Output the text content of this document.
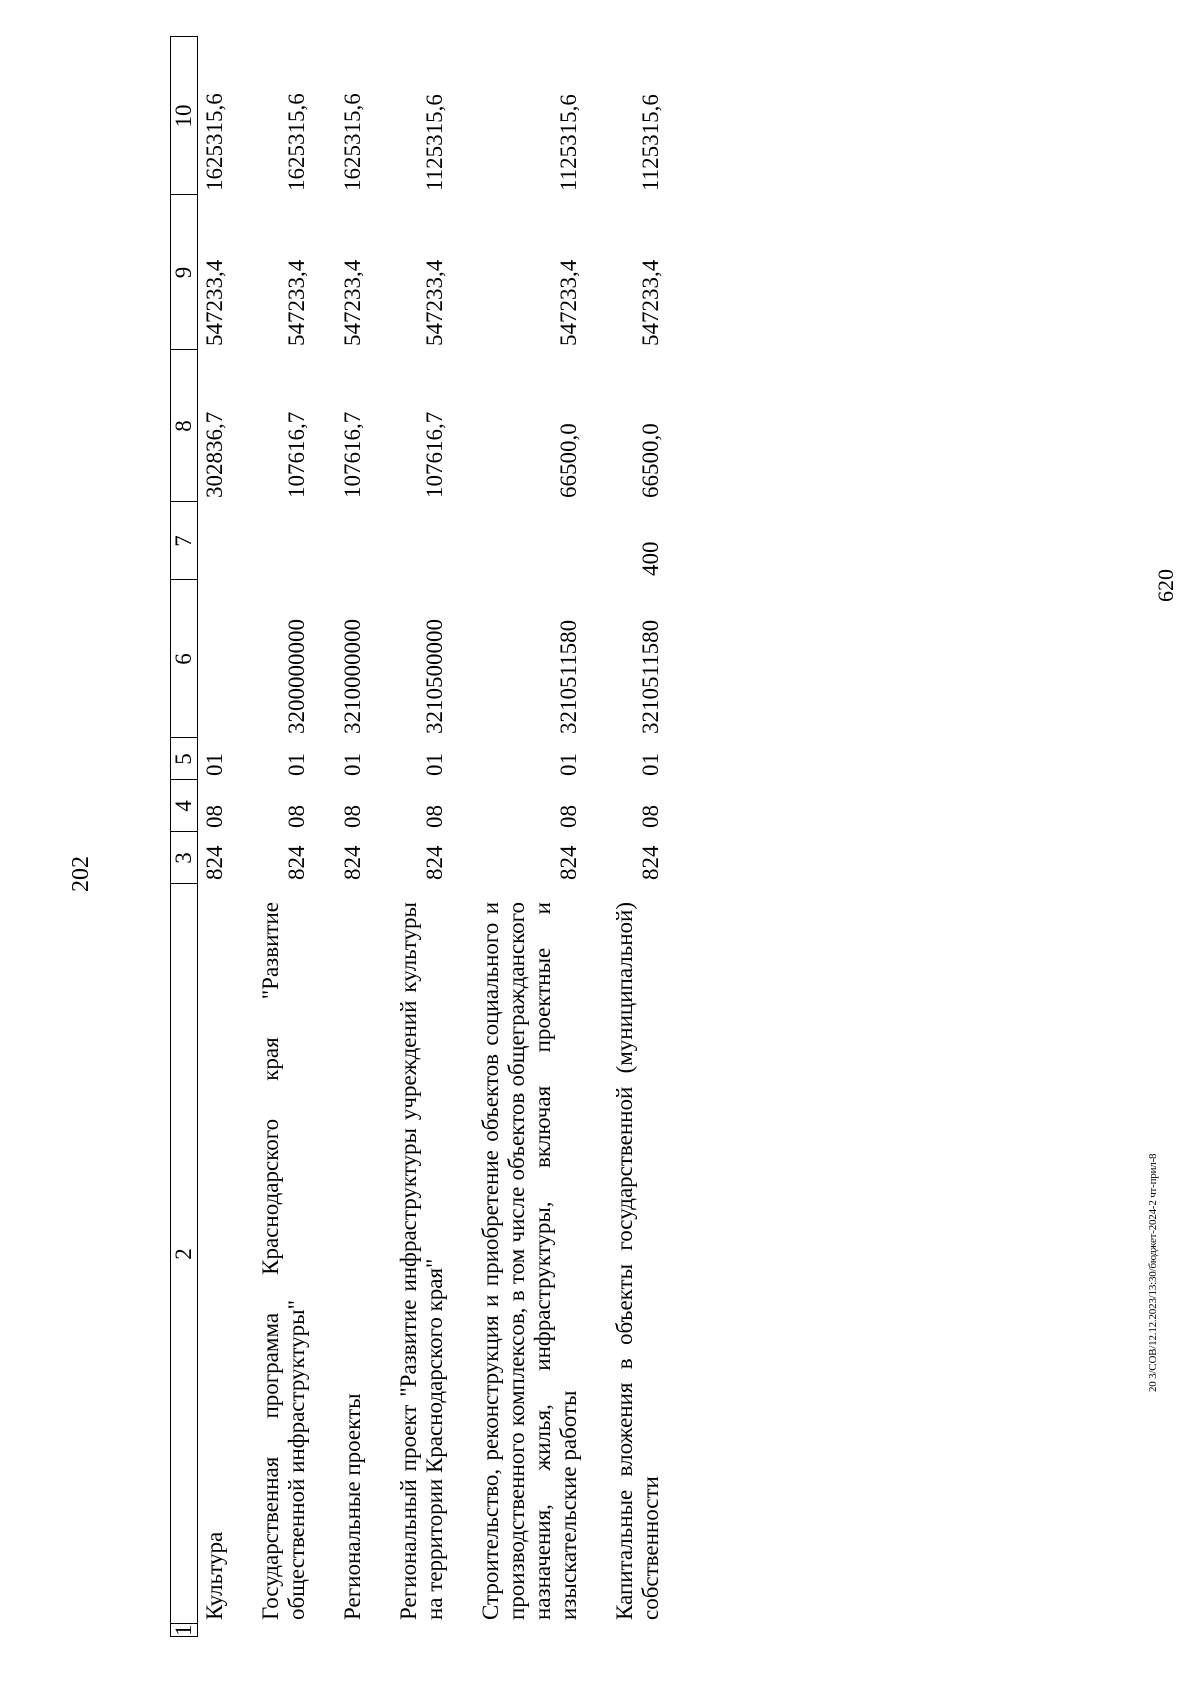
202
1	2	3	4	5	6	7	8	9	10
	Культура	824	08	01			302836,7	547233,4	1625315,6
	Государственная программа Краснодарского края "Развитие общественной инфраструктуры"	824	08	01	3200000000		107616,7	547233,4	1625315,6
	Региональные проекты	824	08	01	3210000000		107616,7	547233,4	1625315,6
	Региональный проект "Развитие инфраструктуры учреждений культуры на территории Краснодарского края"	824	08	01	3210500000		107616,7	547233,4	1125315,6
	Строительство, реконструкция и приобретение объектов социального и производственного комплексов, в том числе объектов общегражданского назначения, жилья, инфраструктуры, включая проектные и изыскательские работы	824	08	01	3210511580		66500,0	547233,4	1125315,6
	Капитальные вложения в объекты государственной (муниципальной) собственности	824	08	01	3210511580	400	66500,0	547233,4	1125315,6
20 3/СОВ/12.12.2023/13:30/бюджет-2024-2 чт-прил-8
620
